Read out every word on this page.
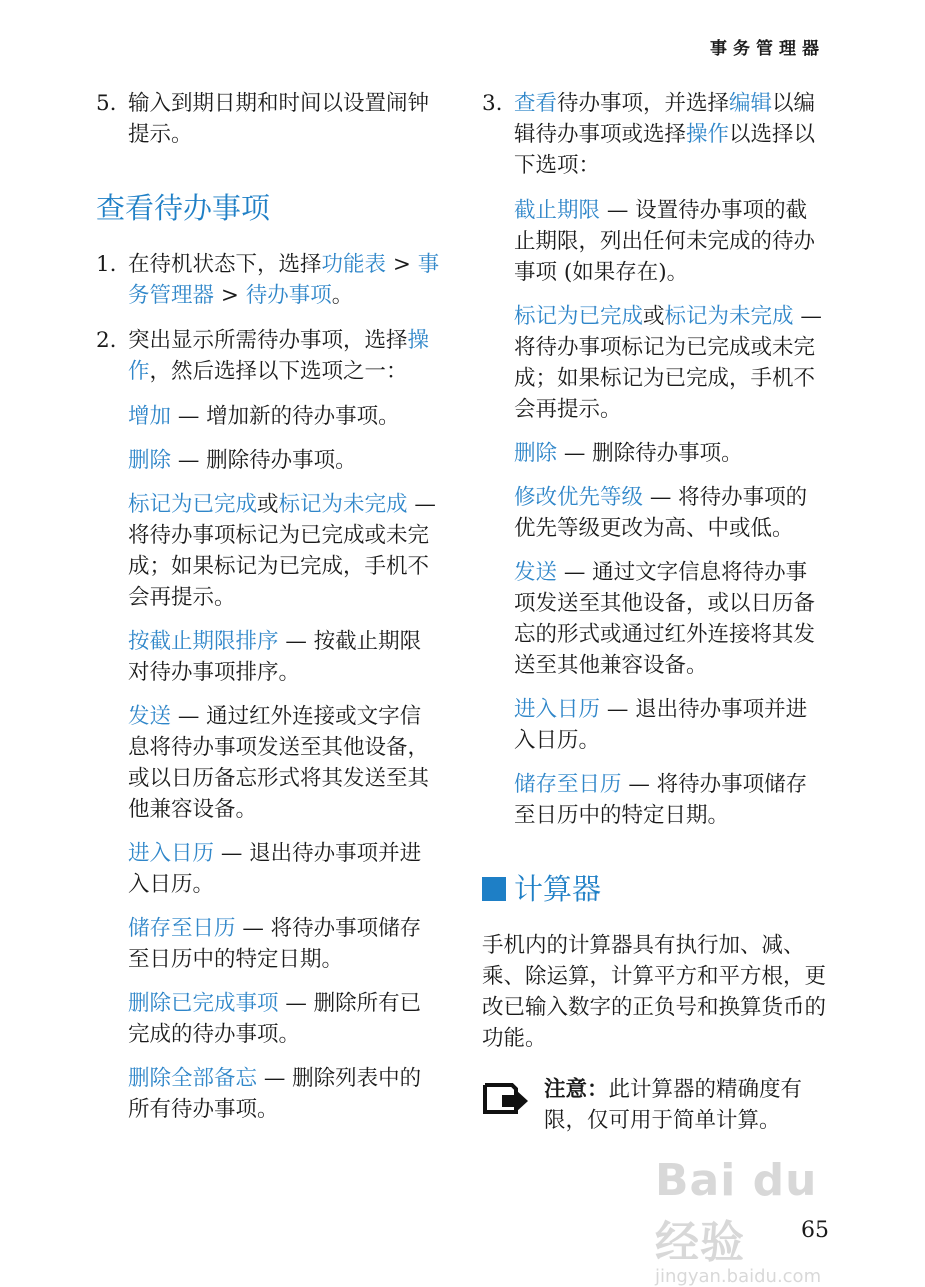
事务管理器
5. 输入到期日期和时间以设置闹钟提示。
查看待办事项
1. 在待机状态下，选择功能表 > 事务管理器 > 待办事项。
2. 突出显示所需待办事项，选择操作，然后选择以下选项之一：
增加 — 增加新的待办事项。
删除 — 删除待办事项。
标记为已完成或标记为未完成 — 将待办事项标记为已完成或未完成；如果标记为已完成，手机不会再提示。
按截止期限排序 — 按截止期限对待办事项排序。
发送 — 通过红外连接或文字信息将待办事项发送至其他设备，或以日历备忘形式将其发送至其他兼容设备。
进入日历 — 退出待办事项并进入日历。
储存至日历 — 将待办事项储存至日历中的特定日期。
删除已完成事项 — 删除所有已完成的待办事项。
删除全部备忘 — 删除列表中的所有待办事项。
3. 查看待办事项，并选择编辑以编辑待办事项或选择操作以选择以下选项：
截止期限 — 设置待办事项的截止期限，列出任何未完成的待办事项 (如果存在)。
标记为已完成或标记为未完成 — 将待办事项标记为已完成或未完成；如果标记为已完成，手机不会再提示。
删除 — 删除待办事项。
修改优先等级 — 将待办事项的优先等级更改为高、中或低。
发送 — 通过文字信息将待办事项发送至其他设备，或以日历备忘的形式或通过红外连接将其发送至其他兼容设备。
进入日历 — 退出待办事项并进入日历。
储存至日历 — 将待办事项储存至日历中的特定日期。
计算器
手机内的计算器具有执行加、减、乘、除运算，计算平方和平方根，更改已输入数字的正负号和换算货币的功能。
注意：此计算器的精确度有限，仅可用于简单计算。
Bai du 经验
jingyan.baidu.com
65
